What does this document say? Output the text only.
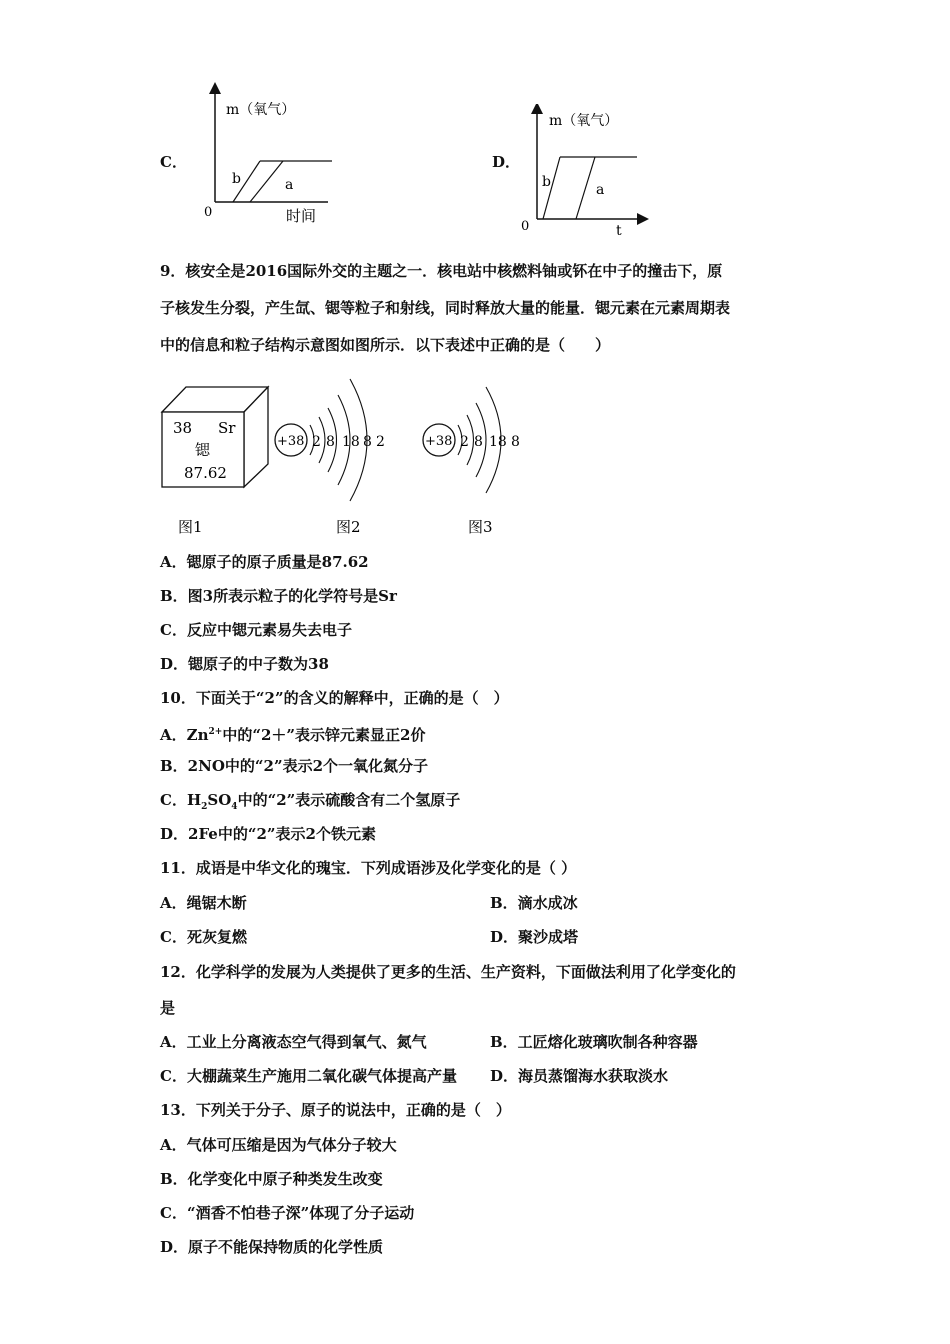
C．
m（氧气）
0
b	a
时间
D．
m（氧气）
0
b	a
t
9．核安全是2016国际外交的主题之一．核电站中核燃料铀或钚在中子的撞击下，原
子核发生分裂，产生氙、锶等粒子和射线，同时释放大量的能量．锶元素在元素周期表
中的信息和粒子结构示意图如图所示．以下表述中正确的是（　　）
38 Sr
锶
87.62
图1
+38 2 8 18 8 2
图2
+38 2 8 18 8
图3
A．锶原子的原子质量是87.62
B．图3所表示粒子的化学符号是Sr
C．反应中锶元素易失去电子
D．锶原子的中子数为38
10．下面关于“2”的含义的解释中，正确的是（　）
A．$Zn^{2+}$中的“2＋”表示锌元素显正2价
B．2NO中的“2”表示2个一氧化氮分子
C．$H_2SO_4$中的“2”表示硫酸含有二个氢原子
D．2Fe中的“2”表示2个铁元素
11．成语是中华文化的瑰宝．下列成语涉及化学变化的是（ ）
A．绳锯木断	B．滴水成冰
C．死灰复燃	D．聚沙成塔
12．化学科学的发展为人类提供了更多的生活、生产资料，下面做法利用了化学变化的
是
A．工业上分离液态空气得到氧气、氮气	B．工匠熔化玻璃吹制各种容器
C．大棚蔬菜生产施用二氧化碳气体提高产量 D．海员蒸馏海水获取淡水
13．下列关于分子、原子的说法中，正确的是（　）
A．气体可压缩是因为气体分子较大
B．化学变化中原子种类发生改变
C．“酒香不怕巷子深”体现了分子运动
D．原子不能保持物质的化学性质
